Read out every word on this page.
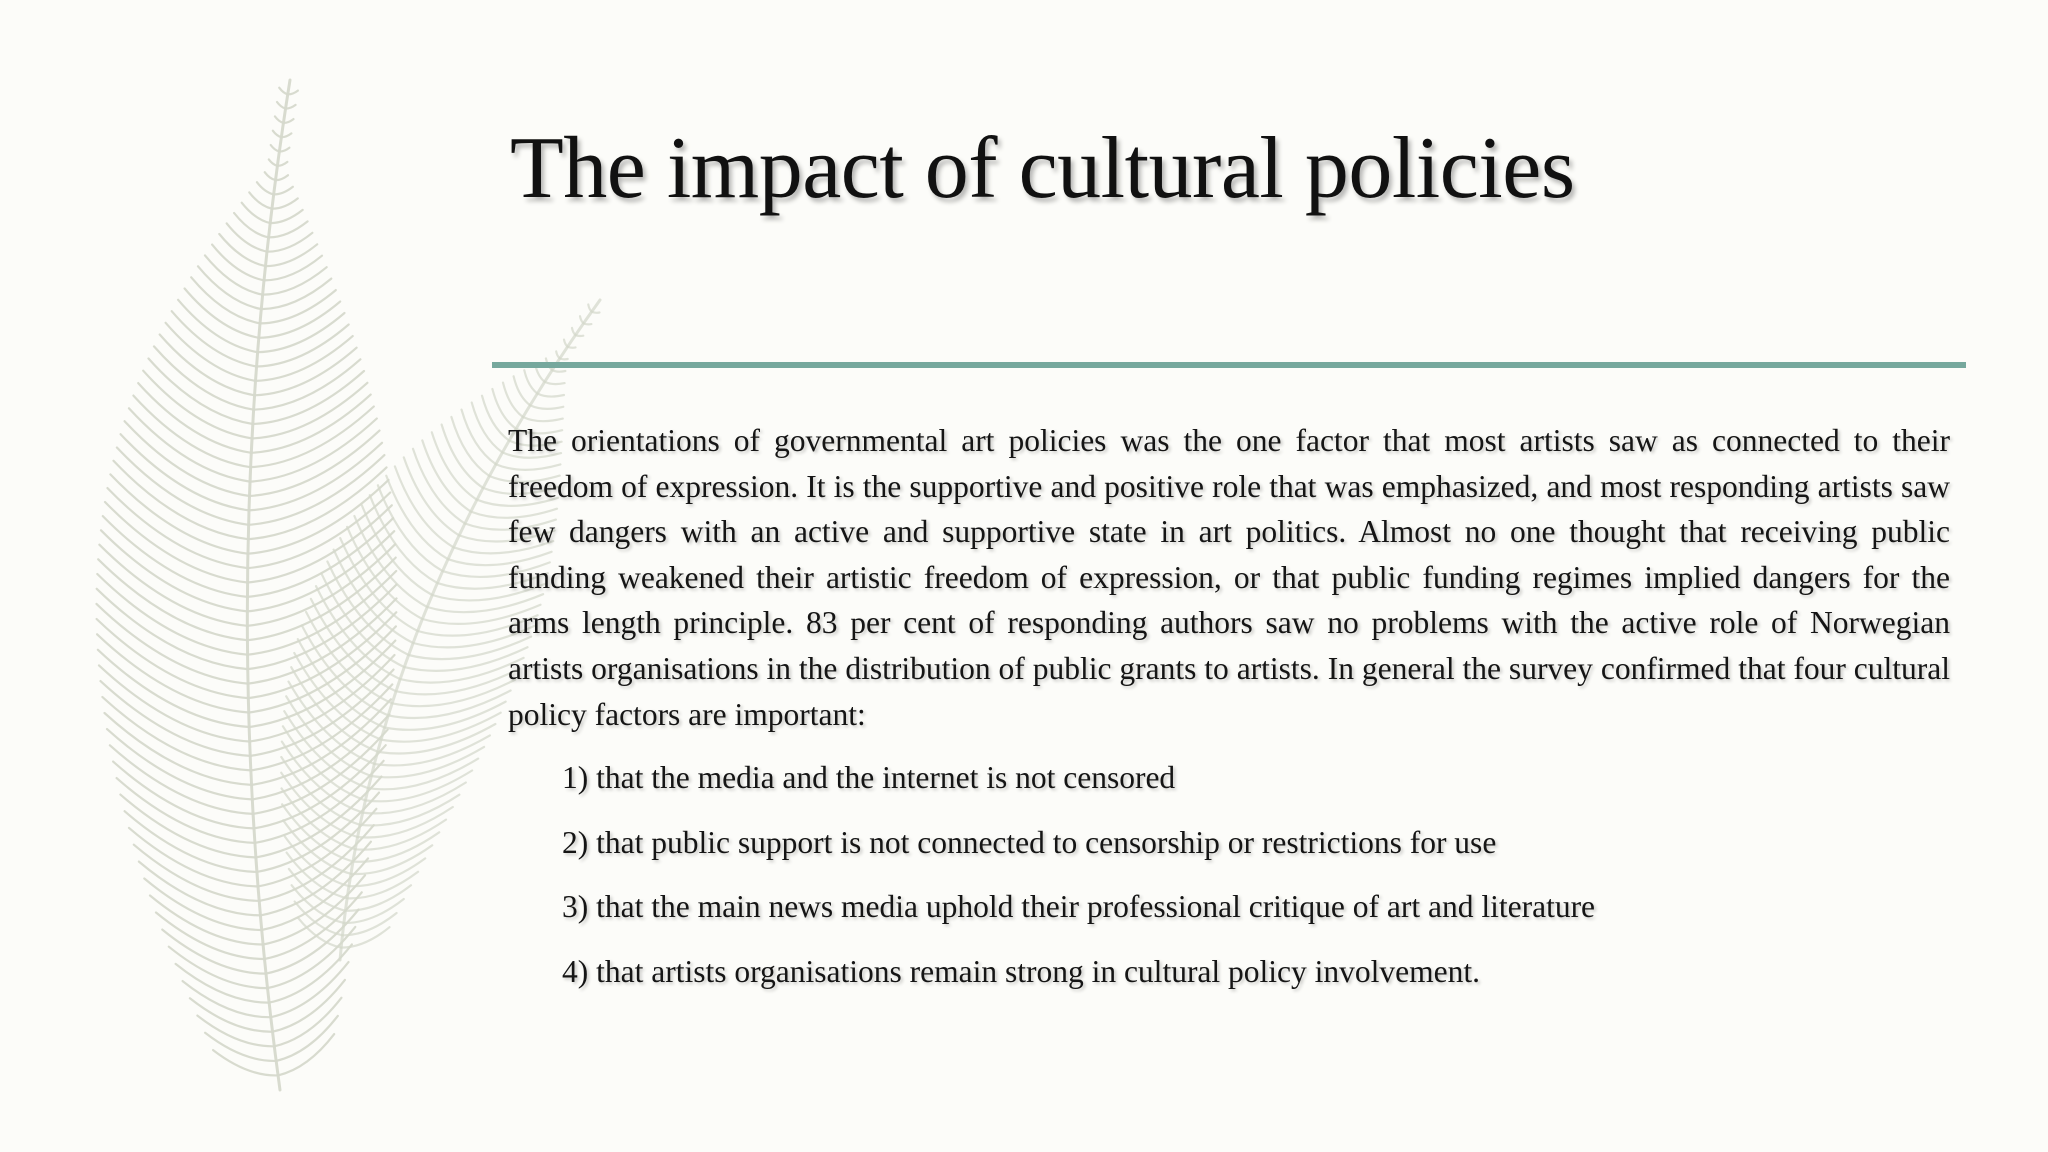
The impact of cultural policies

The orientations of governmental art policies was the one factor that most artists saw as connected to their freedom of expression. It is the supportive and positive role that was emphasized, and most responding artists saw few dangers with an active and supportive state in art politics. Almost no one thought that receiving public funding weakened their artistic freedom of expression, or that public funding regimes implied dangers for the arms length principle. 83 per cent of responding authors saw no problems with the active role of Norwegian artists organisations in the distribution of public grants to artists. In general the survey confirmed that four cultural policy factors are important:

1) that the media and the internet is not censored
2) that public support is not connected to censorship or restrictions for use
3) that the main news media uphold their professional critique of art and literature
4) that artists organisations remain strong in cultural policy involvement.
